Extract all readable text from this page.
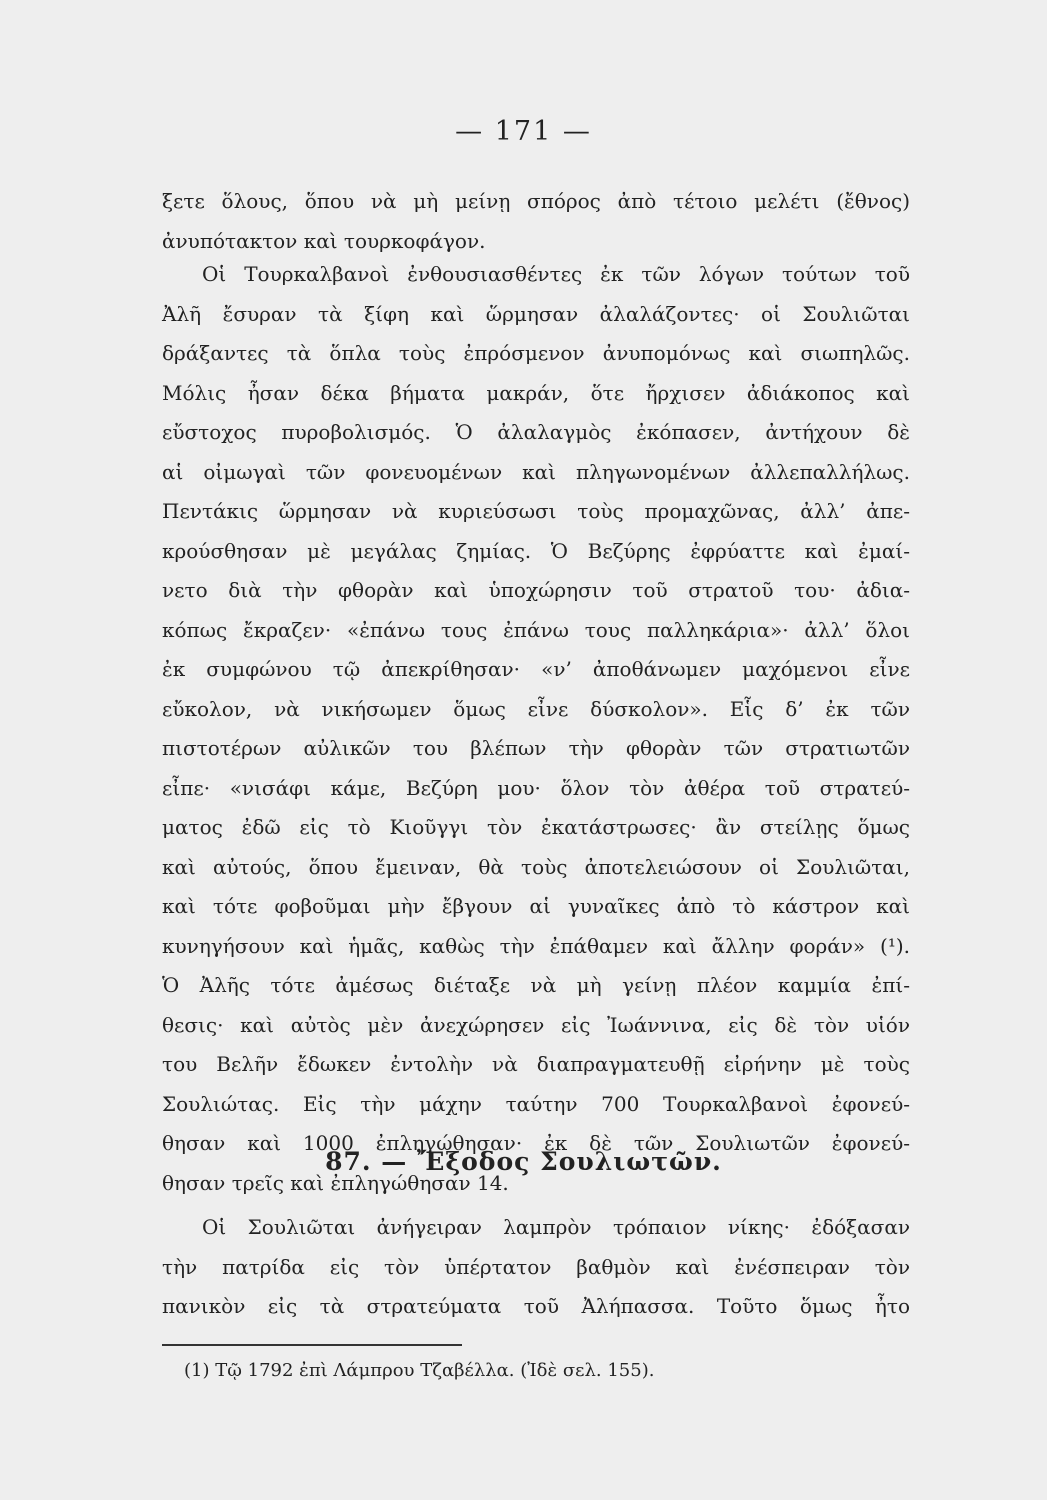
— 171 —
ξετε ὅλους, ὅπου νὰ μὴ μείνῃ σπόρος ἀπὸ τέτοιο μελέτι (ἔθνος)
ἀνυπότακτον καὶ τουρκοφάγον.
Οἱ Τουρκαλβανοὶ ἐνθουσιασθέντες ἐκ τῶν λόγων τούτων τοῦ
Ἀλῆ ἔσυραν τὰ ξίφη καὶ ὥρμησαν ἀλαλάζοντες· οἱ Σουλιῶται
δράξαντες τὰ ὅπλα τοὺς ἐπρόσμενον ἀνυπομόνως καὶ σιωπηλῶς.
Μόλις ἦσαν δέκα βήματα μακράν, ὅτε ἤρχισεν ἀδιάκοπος καὶ
εὔστοχος πυροβολισμός. Ὁ ἀλαλαγμὸς ἐκόπασεν, ἀντήχουν δὲ
αἱ οἰμωγαὶ τῶν φονευομένων καὶ πληγωνομένων ἀλλεπαλλήλως.
Πεντάκις ὥρμησαν νὰ κυριεύσωσι τοὺς προμαχῶνας, ἀλλ’ ἀπε-
κρούσθησαν μὲ μεγάλας ζημίας. Ὁ Βεζύρης ἐφρύαττε καὶ ἐμαί-
νετο διὰ τὴν φθορὰν καὶ ὑποχώρησιν τοῦ στρατοῦ του· ἀδια-
κόπως ἔκραζεν· «ἐπάνω τους ἐπάνω τους παλληκάρια»· ἀλλ’ ὅλοι
ἐκ συμφώνου τῷ ἀπεκρίθησαν· «ν’ ἀποθάνωμεν μαχόμενοι εἶνε
εὔκολον, νὰ νικήσωμεν ὅμως εἶνε δύσκολον». Εἷς δ’ ἐκ τῶν
πιστοτέρων αὐλικῶν του βλέπων τὴν φθορὰν τῶν στρατιωτῶν
εἶπε· «νισάφι κάμε, Βεζύρη μου· ὅλον τὸν ἀθέρα τοῦ στρατεύ-
ματος ἐδῶ εἰς τὸ Κιοῦγγι τὸν ἐκατάστρωσες· ἂν στείλῃς ὅμως
καὶ αὐτούς, ὅπου ἔμειναν, θὰ τοὺς ἀποτελειώσουν οἱ Σουλιῶται,
καὶ τότε φοβοῦμαι μὴν ἔβγουν αἱ γυναῖκες ἀπὸ τὸ κάστρον καὶ
κυνηγήσουν καὶ ἡμᾶς, καθὼς τὴν ἐπάθαμεν καὶ ἄλλην φοράν» (¹).
Ὁ Ἀλῆς τότε ἀμέσως διέταξε νὰ μὴ γείνῃ πλέον καμμία ἐπί-
θεσις· καὶ αὐτὸς μὲν ἀνεχώρησεν εἰς Ἰωάννινα, εἰς δὲ τὸν υἱόν
του Βελῆν ἔδωκεν ἐντολὴν νὰ διαπραγματευθῇ εἰρήνην μὲ τοὺς
Σουλιώτας. Εἰς τὴν μάχην ταύτην 700 Τουρκαλβανοὶ ἐφονεύ-
θησαν καὶ 1000 ἐπληγώθησαν· ἐκ δὲ τῶν Σουλιωτῶν ἐφονεύ-
θησαν τρεῖς καὶ ἐπληγώθησαν 14.
87. — Ἔξοδος Σουλιωτῶν.
Οἱ Σουλιῶται ἀνήγειραν λαμπρὸν τρόπαιον νίκης· ἐδόξασαν
τὴν πατρίδα εἰς τὸν ὑπέρτατον βαθμὸν καὶ ἐνέσπειραν τὸν
πανικὸν εἰς τὰ στρατεύματα τοῦ Ἀλήπασσα. Τοῦτο ὅμως ἦτο
(1) Τῷ 1792 ἐπὶ Λάμπρου Τζαβέλλα. (Ἰδὲ σελ. 155).
